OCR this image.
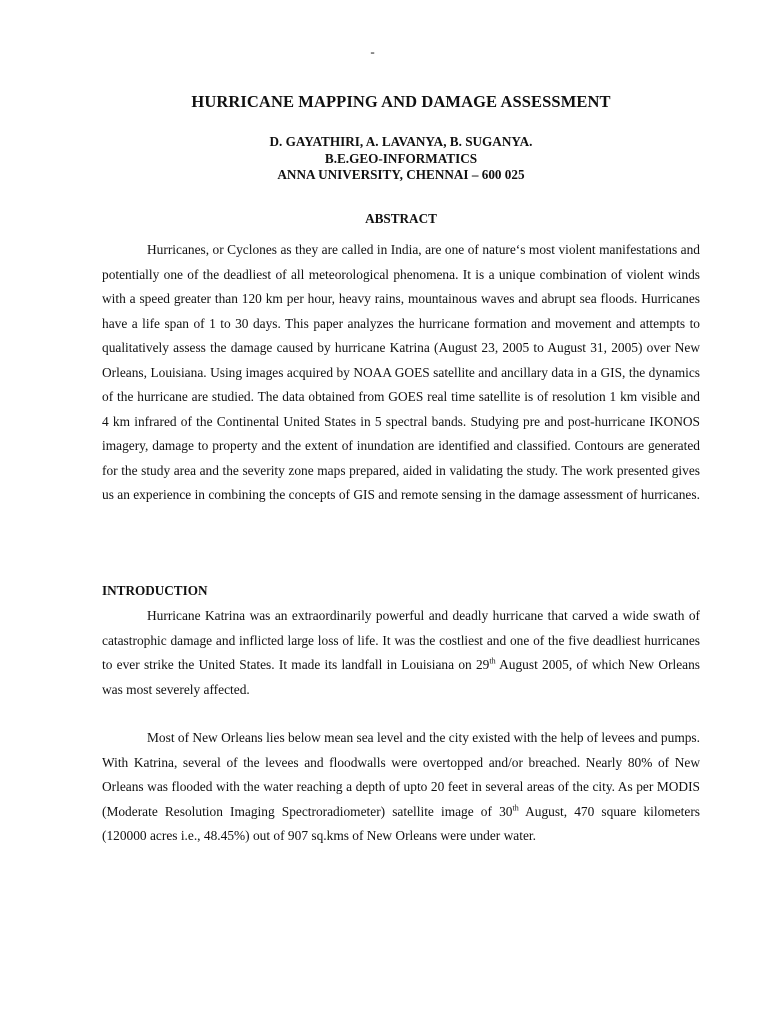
-
HURRICANE MAPPING AND DAMAGE ASSESSMENT
D. GAYATHIRI, A. LAVANYA, B. SUGANYA.
B.E.GEO-INFORMATICS
ANNA UNIVERSITY, CHENNAI – 600 025
ABSTRACT

Hurricanes, or Cyclones as they are called in India, are one of nature‘s most violent manifestations and potentially one of the deadliest of all meteorological phenomena. It is a unique combination of violent winds with a speed greater than 120 km per hour, heavy rains, mountainous waves and abrupt sea floods. Hurricanes have a life span of 1 to 30 days. This paper analyzes the hurricane formation and movement and attempts to qualitatively assess the damage caused by hurricane Katrina (August 23, 2005 to August 31, 2005) over New Orleans, Louisiana. Using images acquired by NOAA GOES satellite and ancillary data in a GIS, the dynamics of the hurricane are studied. The data obtained from GOES real time satellite is of resolution 1 km visible and 4 km infrared of the Continental United States in 5 spectral bands. Studying pre and post-hurricane IKONOS imagery, damage to property and the extent of inundation are identified and classified. Contours are generated for the study area and the severity zone maps prepared, aided in validating the study. The work presented gives us an experience in combining the concepts of GIS and remote sensing in the damage assessment of hurricanes.

INTRODUCTION

Hurricane Katrina was an extraordinarily powerful and deadly hurricane that carved a wide swath of catastrophic damage and inflicted large loss of life. It was the costliest and one of the five deadliest hurricanes to ever strike the United States. It made its landfall in Louisiana on 29th August 2005, of which New Orleans was most severely affected.

Most of New Orleans lies below mean sea level and the city existed with the help of levees and pumps. With Katrina, several of the levees and floodwalls were overtopped and/or breached. Nearly 80% of New Orleans was flooded with the water reaching a depth of upto 20 feet in several areas of the city. As per MODIS (Moderate Resolution Imaging Spectroradiometer) satellite image of 30th August, 470 square kilometers (120000 acres i.e., 48.45%) out of 907 sq.kms of New Orleans were under water.
